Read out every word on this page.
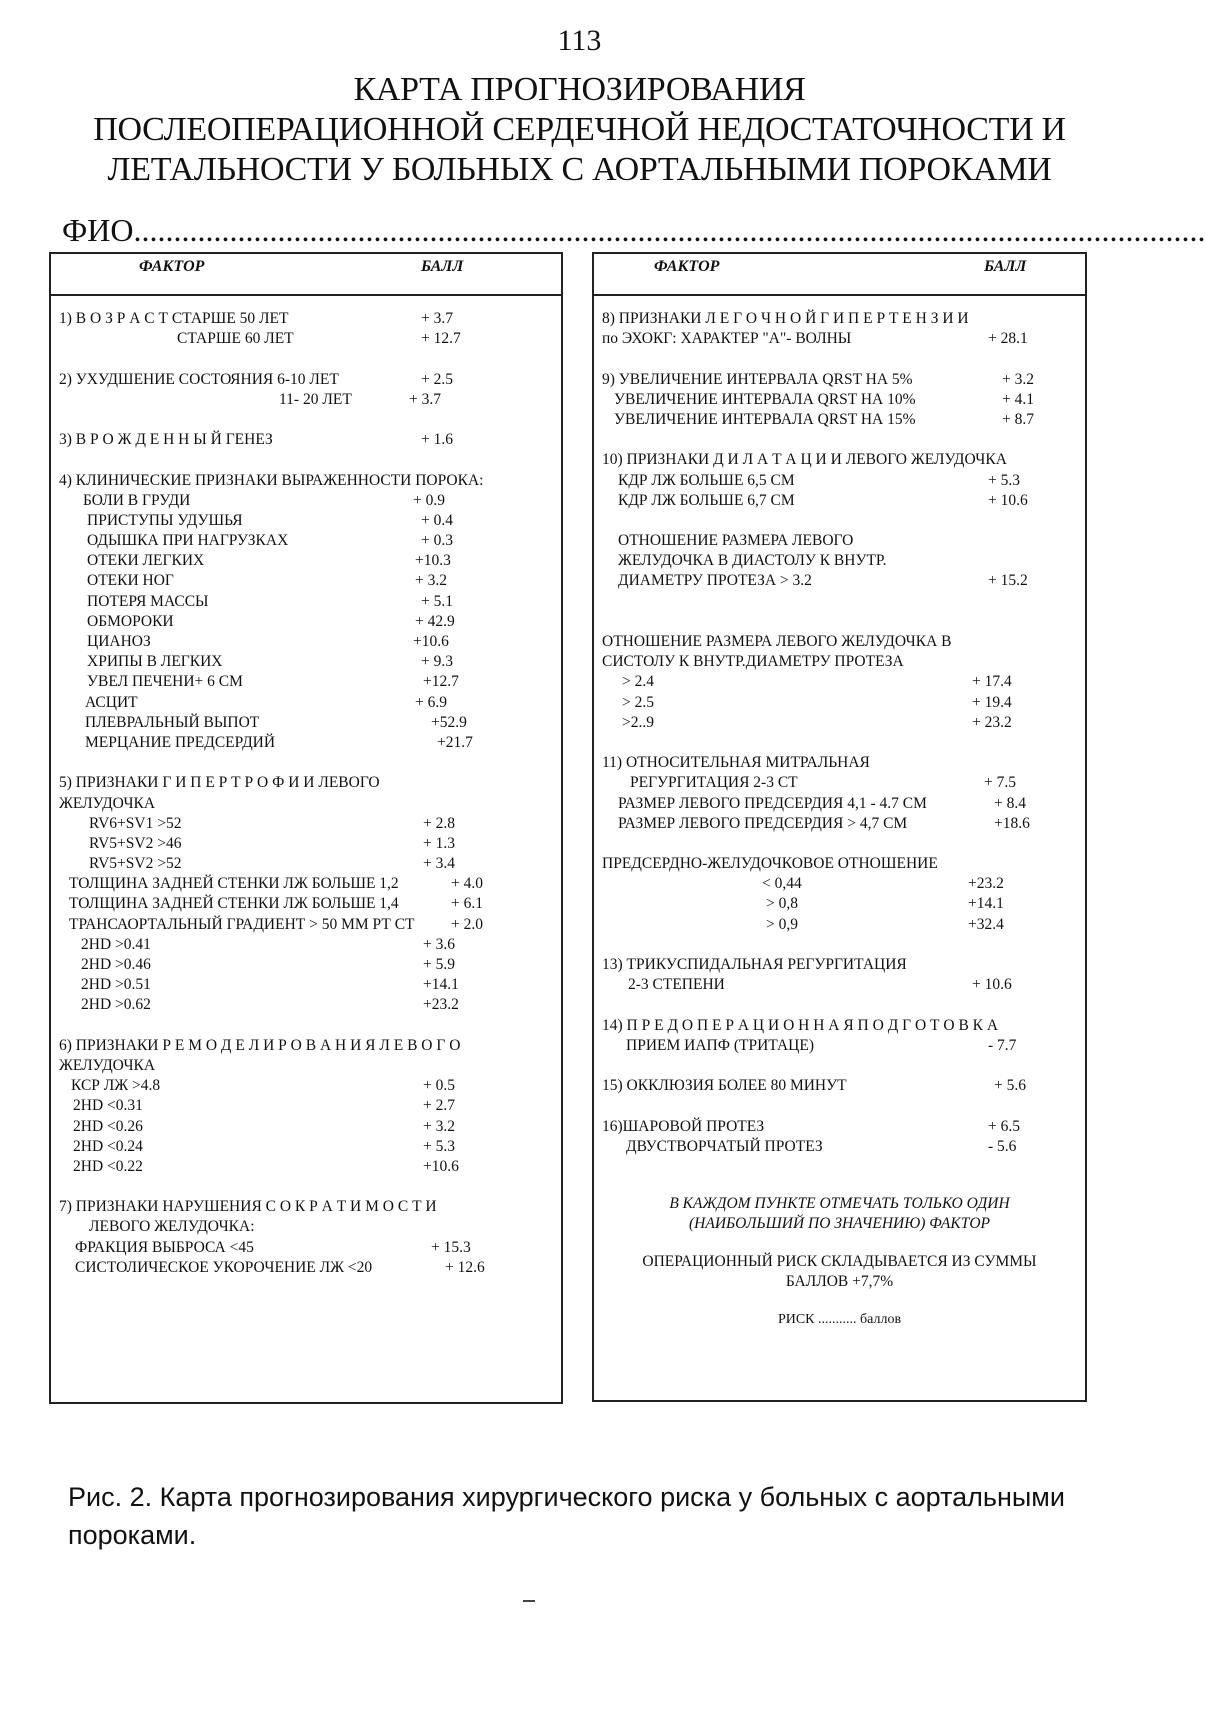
113
КАРТА ПРОГНОЗИРОВАНИЯ
ПОСЛЕОПЕРАЦИОННОЙ СЕРДЕЧНОЙ НЕДОСТАТОЧНОСТИ И
ЛЕТАЛЬНОСТИ У БОЛЬНЫХ С АОРТАЛЬНЫМИ ПОРОКАМИ
ФИО......................................................................................................................................
ФАКТОР	БАЛЛ
1) В О З Р А С Т СТАРШЕ 50 ЛЕТ	+ 3.7
СТАРШЕ 60 ЛЕТ	+ 12.7
2) УХУДШЕНИЕ СОСТОЯНИЯ 6-10 ЛЕТ	+ 2.5
11- 20 ЛЕТ	+ 3.7
3) В Р О Ж Д Е Н Н Ы Й ГЕНЕЗ	+ 1.6
4) КЛИНИЧЕСКИЕ ПРИЗНАКИ ВЫРАЖЕННОСТИ ПОРОКА:
БОЛИ В ГРУДИ	+ 0.9
ПРИСТУПЫ УДУШЬЯ	+ 0.4
ОДЫШКА ПРИ НАГРУЗКАХ	+ 0.3
ОТЕКИ ЛЕГКИХ	+10.3
ОТЕКИ НОГ	+ 3.2
ПОТЕРЯ МАССЫ	+ 5.1
ОБМОРОКИ	+ 42.9
ЦИАНОЗ	+10.6
ХРИПЫ В ЛЕГКИХ	+ 9.3
УВЕЛ ПЕЧЕНИ+ 6 СМ	+12.7
АСЦИТ	+ 6.9
ПЛЕВРАЛЬНЫЙ ВЫПОТ	+52.9
МЕРЦАНИЕ ПРЕДСЕРДИЙ	+21.7
5) ПРИЗНАКИ Г И П Е Р Т Р О Ф И И ЛЕВОГО
ЖЕЛУДОЧКА
RV6+SV1 >52	+ 2.8
RV5+SV2 >46	+ 1.3
RV5+SV2 >52	+ 3.4
ТОЛЩИНА ЗАДНЕЙ СТЕНКИ ЛЖ БОЛЬШЕ 1,2	+ 4.0
ТОЛЩИНА ЗАДНЕЙ СТЕНКИ ЛЖ БОЛЬШЕ 1,4	+ 6.1
ТРАНСАОРТАЛЬНЫЙ ГРАДИЕНТ > 50 ММ РТ СТ + 2.0
2HD >0.41	+ 3.6
2HD >0.46	+ 5.9
2HD >0.51	+14.1
2HD >0.62	+23.2
6) ПРИЗНАКИ Р Е М О Д Е Л И Р О В А Н И Я Л Е В О Г О
ЖЕЛУДОЧКА
КСР ЛЖ >4.8	+ 0.5
2HD <0.31	+ 2.7
2HD <0.26	+ 3.2
2HD <0.24	+ 5.3
2HD <0.22	+10.6
7) ПРИЗНАКИ НАРУШЕНИЯ С О К Р А Т И М О С Т И
ЛЕВОГО ЖЕЛУДОЧКА:
ФРАКЦИЯ ВЫБРОСА <45	+ 15.3
СИСТОЛИЧЕСКОЕ УКОРОЧЕНИЕ ЛЖ <20	+ 12.6
ФАКТОР	БАЛЛ
8) ПРИЗНАКИ Л Е Г О Ч Н О Й Г И П Е Р Т Е Н З И И
по ЭХОКГ: ХАРАКТЕР "А"- ВОЛНЫ	+ 28.1
9) УВЕЛИЧЕНИЕ ИНТЕРВАЛА QRST НА 5%	+ 3.2
УВЕЛИЧЕНИЕ ИНТЕРВАЛА QRST НА 10%	+ 4.1
УВЕЛИЧЕНИЕ ИНТЕРВАЛА QRST НА 15%	+ 8.7
10) ПРИЗНАКИ Д И Л А Т А Ц И И ЛЕВОГО ЖЕЛУДОЧКА
КДР ЛЖ БОЛЬШЕ 6,5 СМ	+ 5.3
КДР ЛЖ БОЛЬШЕ 6,7 СМ	+ 10.6
ОТНОШЕНИЕ РАЗМЕРА ЛЕВОГО
ЖЕЛУДОЧКА В ДИАСТОЛУ К ВНУТР.
ДИАМЕТРУ ПРОТЕЗА > 3.2	+ 15.2
ОТНОШЕНИЕ РАЗМЕРА ЛЕВОГО ЖЕЛУДОЧКА В
СИСТОЛУ К ВНУТР.ДИАМЕТРУ ПРОТЕЗА
> 2.4	+ 17.4
> 2.5	+ 19.4
>2..9	+ 23.2
11) ОТНОСИТЕЛЬНАЯ МИТРАЛЬНАЯ
РЕГУРГИТАЦИЯ 2-3 СТ	+ 7.5
РАЗМЕР ЛЕВОГО ПРЕДСЕРДИЯ 4,1 - 4.7 СМ	+ 8.4
РАЗМЕР ЛЕВОГО ПРЕДСЕРДИЯ > 4,7 СМ	+18.6
ПРЕДСЕРДНО-ЖЕЛУДОЧКОВОЕ ОТНОШЕНИЕ
< 0,44	+23.2
> 0,8	+14.1
> 0,9	+32.4
13) ТРИКУСПИДАЛЬНАЯ РЕГУРГИТАЦИЯ
2-3 СТЕПЕНИ	+ 10.6
14) П Р Е Д О П Е Р А Ц И О Н Н А Я П О Д Г О Т О В К А
ПРИЕМ ИАПФ (ТРИТАЦЕ)	- 7.7
15) ОККЛЮЗИЯ БОЛЕЕ 80 МИНУТ	+ 5.6
16)ШАРОВОЙ ПРОТЕЗ	+ 6.5
ДВУСТВОРЧАТЫЙ ПРОТЕЗ	- 5.6
В КАЖДОМ ПУНКТЕ ОТМЕЧАТЬ ТОЛЬКО ОДИН
(НАИБОЛЬШИЙ ПО ЗНАЧЕНИЮ) ФАКТОР
ОПЕРАЦИОННЫЙ РИСК СКЛАДЫВАЕТСЯ ИЗ СУММЫ
БАЛЛОВ +7,7%
РИСК ........... баллов
Рис. 2. Карта прогнозирования хирургического риска у больных с аортальными пороками.
